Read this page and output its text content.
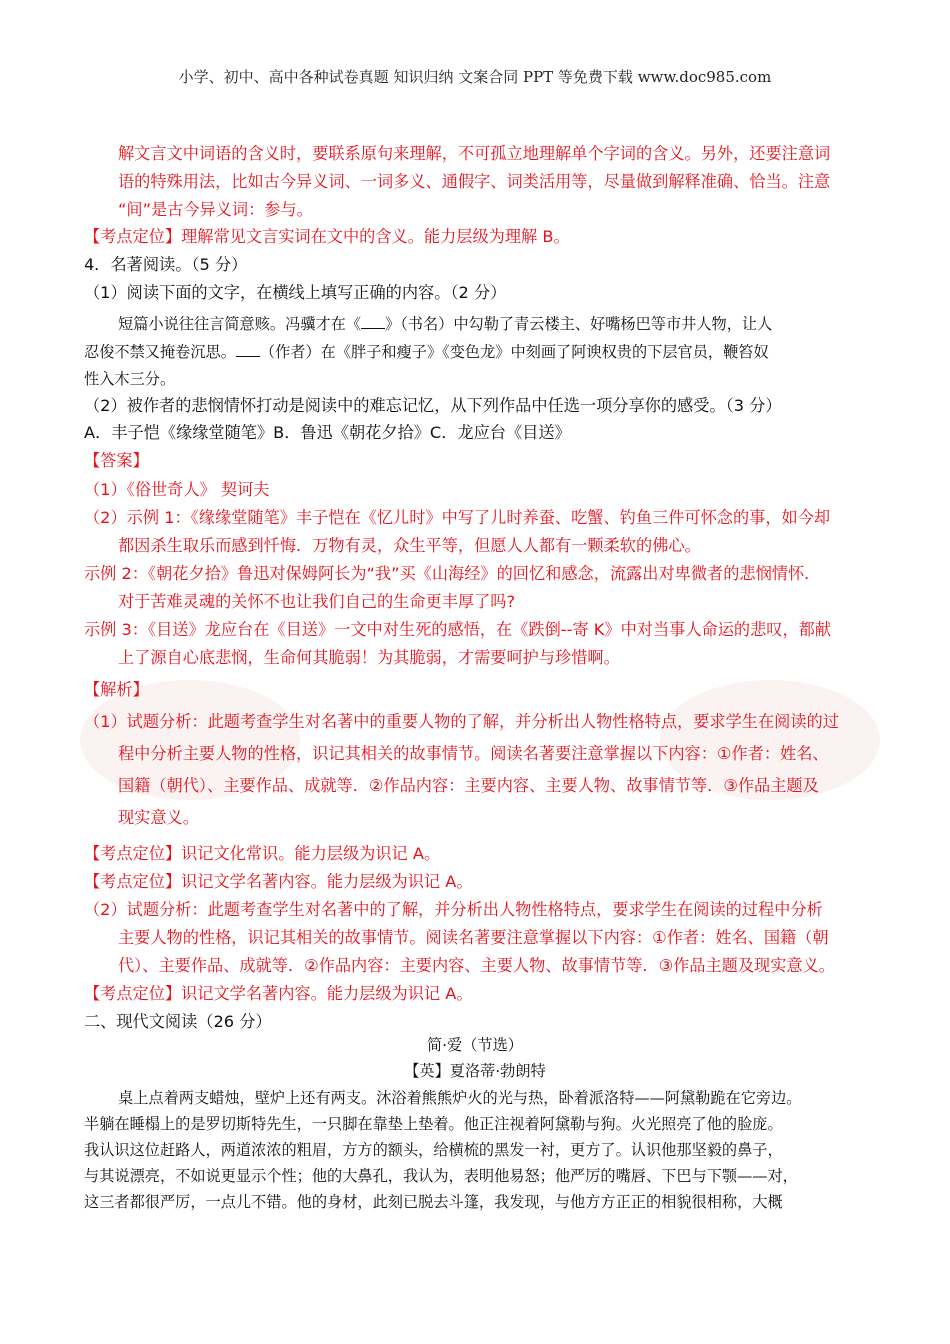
小学、初中、高中各种试卷真题 知识归纳 文案合同 PPT 等免费下载 www.doc985.com
解文言文中词语的含义时，要联系原句来理解，不可孤立地理解单个字词的含义。另外，还要注意词
语的特殊用法，比如古今异义词、一词多义、通假字、词类活用等，尽量做到解释准确、恰当。注意
“间”是古今异义词：参与。
【考点定位】理解常见文言实词在文中的含义。能力层级为理解 B。
4．名著阅读。（5 分）
（1）阅读下面的文字，在横线上填写正确的内容。（2 分）
短篇小说往往言简意赅。冯骥才在《 》（书名）中勾勒了青云楼主、好嘴杨巴等市井人物，让人
忍俊不禁又掩卷沉思。 （作者）在《胖子和瘦子》《变色龙》中刻画了阿谀权贵的下层官员，鞭笞奴
性入木三分。
（2）被作者的悲悯情怀打动是阅读中的难忘记忆，从下列作品中任选一项分享你的感受。（3 分）
A．丰子恺《缘缘堂随笔》B．鲁迅《朝花夕拾》C．龙应台《目送》
【答案】
（1）《俗世奇人》 契诃夫
（2）示例 1：《缘缘堂随笔》丰子恺在《忆儿时》中写了儿时养蚕、吃蟹、钓鱼三件可怀念的事，如今却
都因杀生取乐而感到忏悔．万物有灵，众生平等，但愿人人都有一颗柔软的佛心。
示例 2：《朝花夕拾》鲁迅对保姆阿长为“我”买《山海经》的回忆和感念，流露出对卑微者的悲悯情怀．
对于苦难灵魂的关怀不也让我们自己的生命更丰厚了吗?
示例 3：《目送》龙应台在《目送》一文中对生死的感悟，在《跌倒--寄 K》中对当事人命运的悲叹，都献
上了源自心底悲悯，生命何其脆弱！为其脆弱，才需要呵护与珍惜啊。
【解析】
（1）试题分析：此题考查学生对名著中的重要人物的了解，并分析出人物性格特点，要求学生在阅读的过
程中分析主要人物的性格，识记其相关的故事情节。阅读名著要注意掌握以下内容：①作者：姓名、
国籍（朝代）、主要作品、成就等．②作品内容：主要内容、主要人物、故事情节等．③作品主题及
现实意义。
【考点定位】识记文化常识。能力层级为识记 A。
【考点定位】识记文学名著内容。能力层级为识记 A。
（2）试题分析：此题考查学生对名著中的了解，并分析出人物性格特点，要求学生在阅读的过程中分析
主要人物的性格，识记其相关的故事情节。阅读名著要注意掌握以下内容：①作者：姓名、国籍（朝
代）、主要作品、成就等．②作品内容：主要内容、主要人物、故事情节等．③作品主题及现实意义。
【考点定位】识记文学名著内容。能力层级为识记 A。
二、现代文阅读（26 分）
简·爱（节选）
【英】夏洛蒂·勃朗特
桌上点着两支蜡烛，壁炉上还有两支。沐浴着熊熊炉火的光与热，卧着派洛特——阿黛勒跪在它旁边。
半躺在睡榻上的是罗切斯特先生，一只脚在靠垫上垫着。他正注视着阿黛勒与狗。火光照亮了他的脸庞。
我认识这位赶路人，两道浓浓的粗眉，方方的额头，给横梳的黑发一衬，更方了。认识他那坚毅的鼻子，
与其说漂亮，不如说更显示个性；他的大鼻孔，我认为，表明他易怒；他严厉的嘴唇、下巴与下颚——对，
这三者都很严厉，一点儿不错。他的身材，此刻已脱去斗篷，我发现，与他方方正正的相貌很相称，大概
